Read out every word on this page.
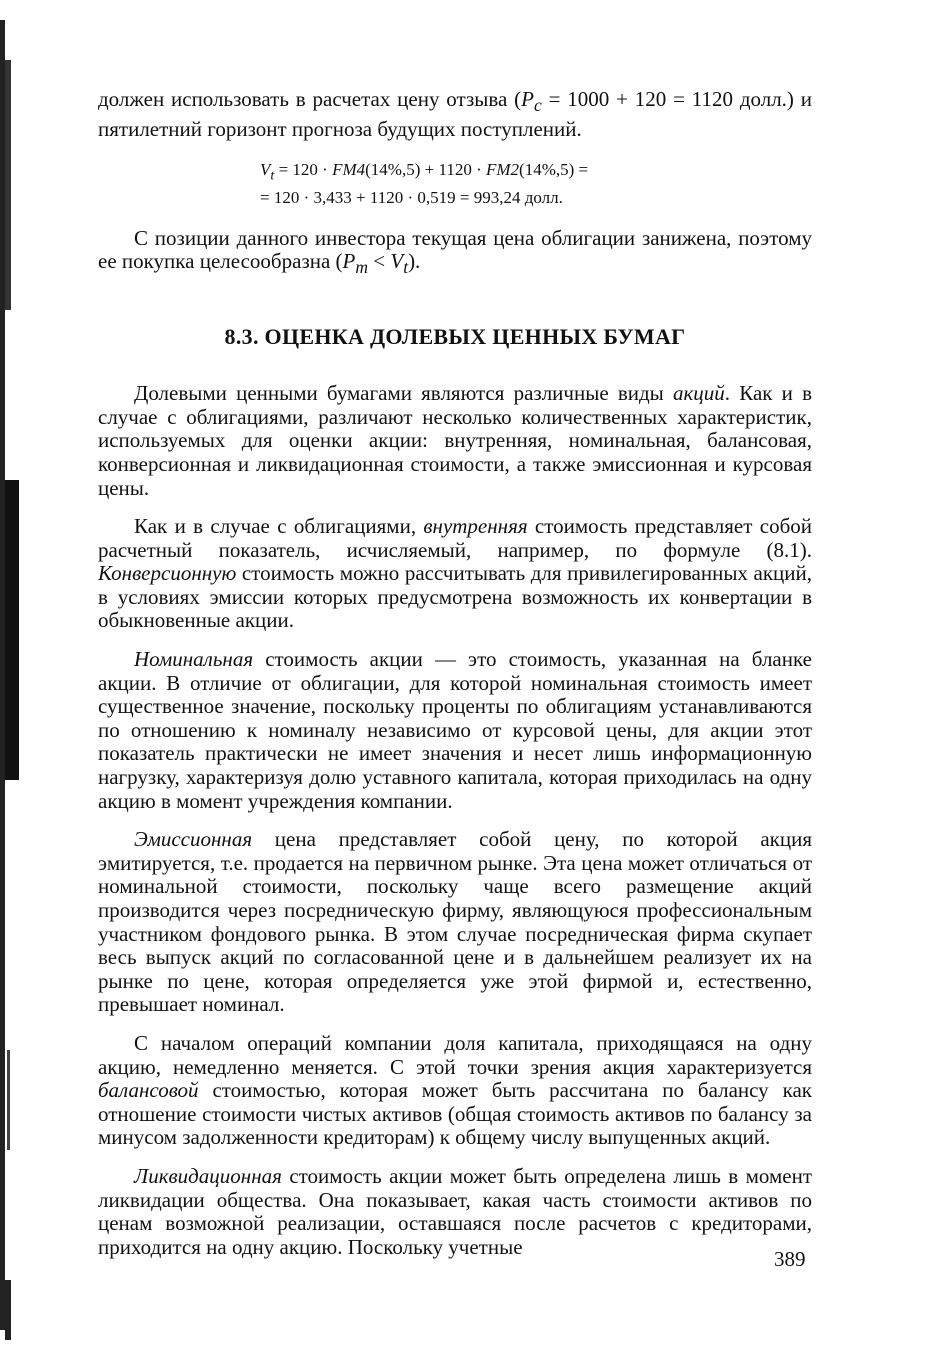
должен использовать в расчетах цену отзыва ($P_c = 1000 + 120 = 1120$ долл.) и пятилетний горизонт прогноза будущих поступлений.

$V_t = 120 \cdot FM4(14\%,5) + 1120 \cdot FM2(14\%,5)$ =
= 120 · 3,433 + 1120 · 0,519 = 993,24 долл.

С позиции данного инвестора текущая цена облигации занижена, поэтому ее покупка целесообразна $(P_m < V_t)$.

8.3. ОЦЕНКА ДОЛЕВЫХ ЦЕННЫХ БУМАГ

Долевыми ценными бумагами являются различные виды акций. Как и в случае с облигациями, различают несколько количественных характеристик, используемых для оценки акции: внутренняя, номинальная, балансовая, конверсионная и ликвидационная стоимости, а также эмиссионная и курсовая цены.

Как и в случае с облигациями, внутренняя стоимость представляет собой расчетный показатель, исчисляемый, например, по формуле (8.1). Конверсионную стоимость можно рассчитывать для привилегированных акций, в условиях эмиссии которых предусмотрена возможность их конвертации в обыкновенные акции.

Номинальная стоимость акции — это стоимость, указанная на бланке акции. В отличие от облигации, для которой номинальная стоимость имеет существенное значение, поскольку проценты по облигациям устанавливаются по отношению к номиналу независимо от курсовой цены, для акции этот показатель практически не имеет значения и несет лишь информационную нагрузку, характеризуя долю уставного капитала, которая приходилась на одну акцию в момент учреждения компании.

Эмиссионная цена представляет собой цену, по которой акция эмитируется, т.е. продается на первичном рынке. Эта цена может отличаться от номинальной стоимости, поскольку чаще всего размещение акций производится через посредническую фирму, являющуюся профессиональным участником фондового рынка. В этом случае посредническая фирма скупает весь выпуск акций по согласованной цене и в дальнейшем реализует их на рынке по цене, которая определяется уже этой фирмой и, естественно, превышает номинал.

С началом операций компании доля капитала, приходящаяся на одну акцию, немедленно меняется. С этой точки зрения акция характеризуется балансовой стоимостью, которая может быть рассчитана по балансу как отношение стоимости чистых активов (общая стоимость активов по балансу за минусом задолженности кредиторам) к общему числу выпущенных акций.

Ликвидационная стоимость акции может быть определена лишь в момент ликвидации общества. Она показывает, какая часть стоимости активов по ценам возможной реализации, оставшаяся после расчетов с кредиторами, приходится на одну акцию. Поскольку учетные

389
